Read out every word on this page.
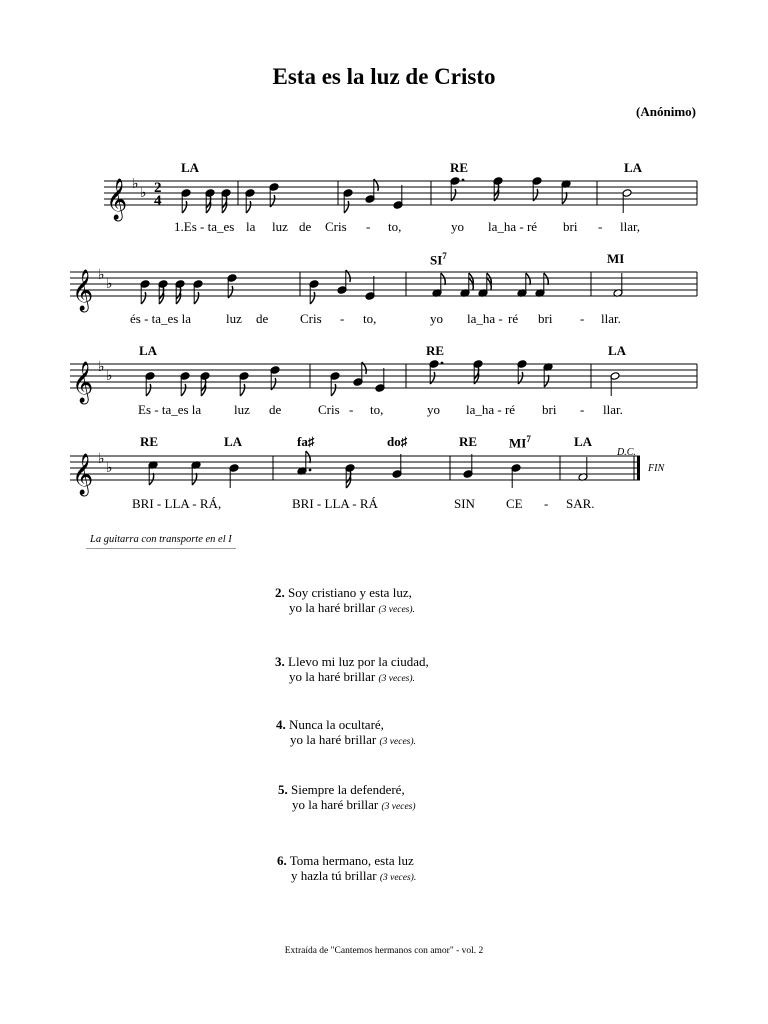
Esta es la luz de Cristo
(Anónimo)
𝄞 ♭
♭ 2
4
𝄞 ♭
♭
𝄞 ♭
♭
𝄞 ♭
♭
LA	RE	LA
1.Es - ta_es la luz de Cris - to,	yo la_ha - ré bri - llar,
$SI^7$	MI
és - ta_es la	luz de Cris - to,	yo la_ha - ré bri - llar.
LA	RE	LA
Es - ta_es la	luz de	Cris - to,	yo la_ha - ré bri - llar.
RE	LA	fa♯	do♯	RE $MI^7$	LA
D.C.
FIN
BRI - LLA - RÁ,	BRI - LLA - RÁ	SIN CE - SAR.
La guitarra con transporte en el I
2. Soy cristiano y esta luz,
yo la haré brillar (3 veces).
3. Llevo mi luz por la ciudad,
yo la haré brillar (3 veces).
4. Nunca la ocultaré,
yo la haré brillar (3 veces).
5. Siempre la defenderé,
yo la haré brillar (3 veces)
6. Toma hermano, esta luz
y hazla tú brillar (3 veces).
Extraída de "Cantemos hermanos con amor" - vol. 2
